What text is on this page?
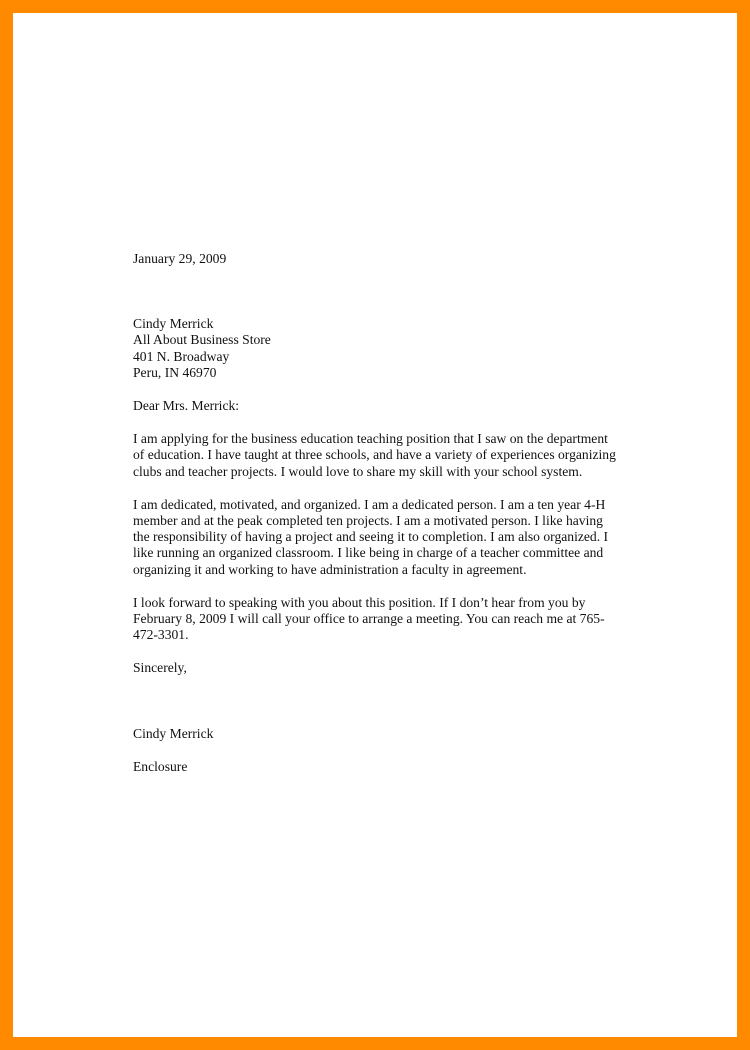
January 29, 2009
Cindy Merrick
All About Business Store
401 N. Broadway
Peru, IN 46970
Dear Mrs. Merrick:

I am applying for the business education teaching position that I saw on the department

of education. I have taught at three schools, and have a variety of experiences organizing

clubs and teacher projects. I would love to share my skill with your school system.

I am dedicated, motivated, and organized. I am a dedicated person. I am a ten year 4-H

member and at the peak completed ten projects. I am a motivated person. I like having

the responsibility of having a project and seeing it to completion. I am also organized. I

like running an organized classroom. I like being in charge of a teacher committee and

organizing it and working to have administration a faculty in agreement.

I look forward to speaking with you about this position. If I don’t hear from you by

February 8, 2009 I will call your office to arrange a meeting. You can reach me at 765-

472-3301.

Sincerely,
Cindy Merrick
Enclosure
